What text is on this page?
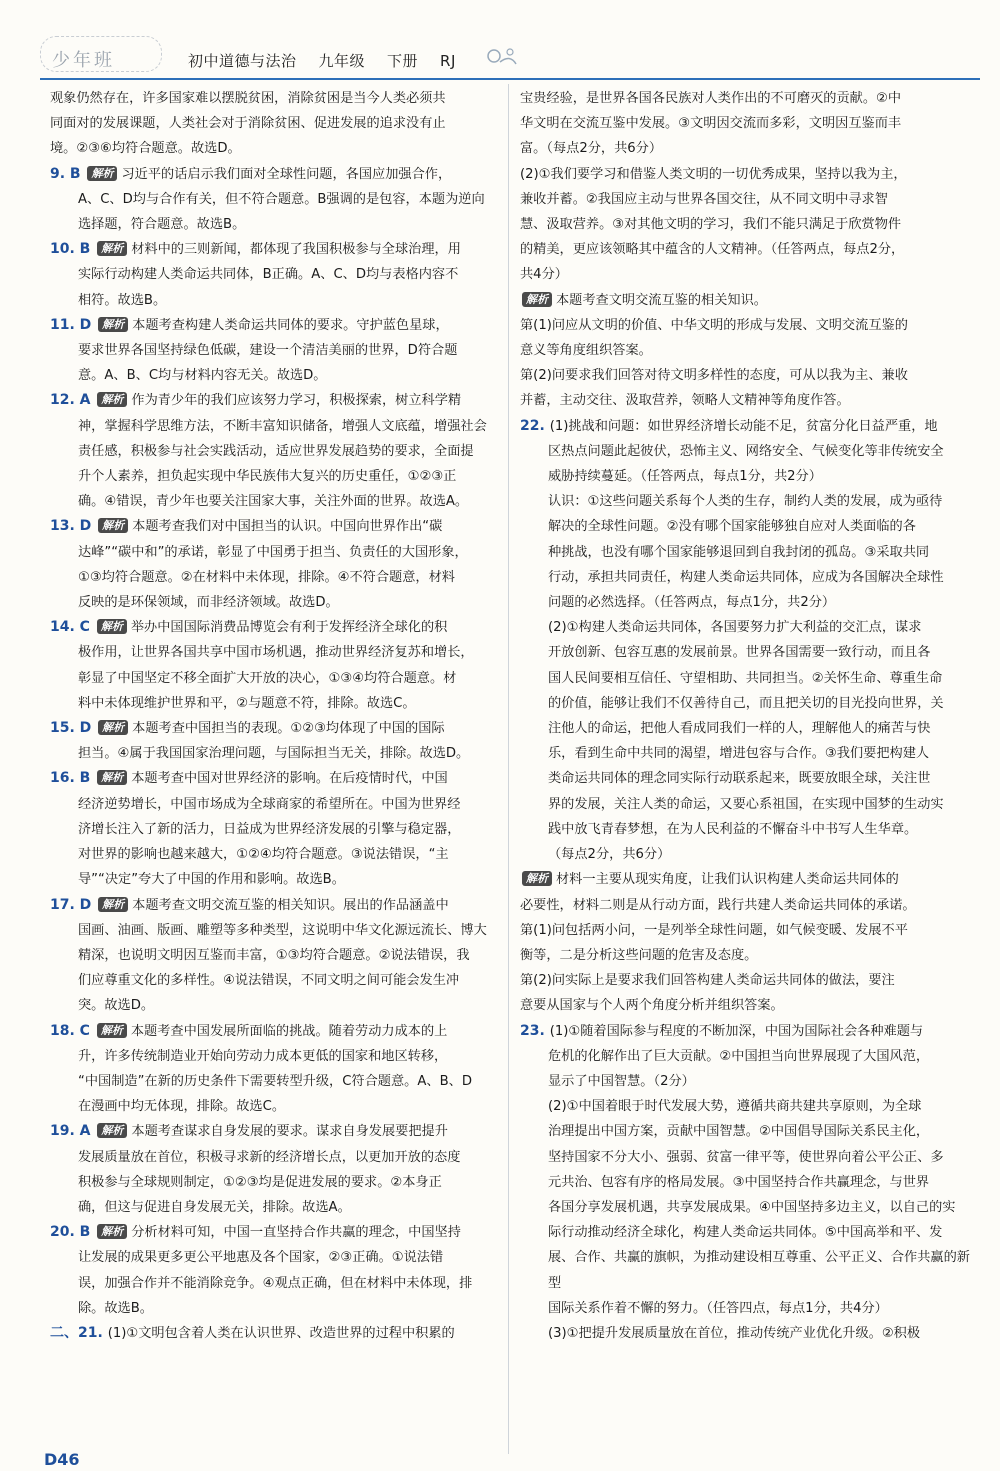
少年班	初中道德与法治 九年级 下册 RJ

观象仍然存在，许多国家难以摆脱贫困，消除贫困是当今人类必须共

同面对的发展课题，人类社会对于消除贫困、促进发展的追求没有止

境。②③⑥均符合题意。故选D。

9. B 解析 习近平的话启示我们面对全球性问题，各国应加强合作，

A、C、D均与合作有关，但不符合题意。B强调的是包容，本题为逆向

选择题，符合题意。故选B。

10. B 解析 材料中的三则新闻，都体现了我国积极参与全球治理，用

实际行动构建人类命运共同体，B正确。A、C、D均与表格内容不

相符。故选B。

11. D 解析 本题考查构建人类命运共同体的要求。守护蓝色星球，

要求世界各国坚持绿色低碳，建设一个清洁美丽的世界，D符合题

意。A、B、C均与材料内容无关。故选D。

12. A 解析 作为青少年的我们应该努力学习，积极探索，树立科学精

神，掌握科学思维方法，不断丰富知识储备，增强人文底蕴，增强社会

责任感，积极参与社会实践活动，适应世界发展趋势的要求，全面提

升个人素养，担负起实现中华民族伟大复兴的历史重任，①②③正

确。④错误，青少年也要关注国家大事，关注外面的世界。故选A。

13. D 解析 本题考查我们对中国担当的认识。中国向世界作出“碳

达峰”“碳中和”的承诺，彰显了中国勇于担当、负责任的大国形象，

①③均符合题意。②在材料中未体现，排除。④不符合题意，材料

反映的是环保领域，而非经济领域。故选D。

14. C 解析 举办中国国际消费品博览会有利于发挥经济全球化的积

极作用，让世界各国共享中国市场机遇，推动世界经济复苏和增长，

彰显了中国坚定不移全面扩大开放的决心，①③④均符合题意。材

料中未体现维护世界和平，②与题意不符，排除。故选C。

15. D 解析 本题考查中国担当的表现。①②③均体现了中国的国际

担当。④属于我国国家治理问题，与国际担当无关，排除。故选D。

16. B 解析 本题考查中国对世界经济的影响。在后疫情时代，中国

经济逆势增长，中国市场成为全球商家的希望所在。中国为世界经

济增长注入了新的活力，日益成为世界经济发展的引擎与稳定器，

对世界的影响也越来越大，①②④均符合题意。③说法错误，“主

导”“决定”夸大了中国的作用和影响。故选B。

17. D 解析 本题考查文明交流互鉴的相关知识。展出的作品涵盖中

国画、油画、版画、雕塑等多种类型，这说明中华文化源远流长、博大

精深，也说明文明因互鉴而丰富，①③均符合题意。②说法错误，我

们应尊重文化的多样性。④说法错误，不同文明之间可能会发生冲

突。故选D。

18. C 解析 本题考查中国发展所面临的挑战。随着劳动力成本的上

升，许多传统制造业开始向劳动力成本更低的国家和地区转移，

“中国制造”在新的历史条件下需要转型升级，C符合题意。A、B、D

在漫画中均无体现，排除。故选C。

19. A 解析 本题考查谋求自身发展的要求。谋求自身发展要把提升

发展质量放在首位，积极寻求新的经济增长点，以更加开放的态度

积极参与全球规则制定，①②③均是促进发展的要求。②本身正

确，但这与促进自身发展无关，排除。故选A。

20. B 解析 分析材料可知，中国一直坚持合作共赢的理念，中国坚持

让发展的成果更多更公平地惠及各个国家，②③正确。①说法错

误，加强合作并不能消除竞争。④观点正确，但在材料中未体现，排

除。故选B。

二、21. (1)①文明包含着人类在认识世界、改造世界的过程中积累的

宝贵经验，是世界各国各民族对人类作出的不可磨灭的贡献。②中

华文明在交流互鉴中发展。③文明因交流而多彩，文明因互鉴而丰

富。（每点2分，共6分）

(2)①我们要学习和借鉴人类文明的一切优秀成果，坚持以我为主，

兼收并蓄。②我国应主动与世界各国交往，从不同文明中寻求智

慧、汲取营养。③对其他文明的学习，我们不能只满足于欣赏物件

的精美，更应该领略其中蕴含的人文精神。（任答两点，每点2分，

共4分）

解析 本题考查文明交流互鉴的相关知识。

第(1)问应从文明的价值、中华文明的形成与发展、文明交流互鉴的

意义等角度组织答案。

第(2)问要求我们回答对待文明多样性的态度，可从以我为主、兼收

并蓄，主动交往、汲取营养，领略人文精神等角度作答。

22. (1)挑战和问题：如世界经济增长动能不足，贫富分化日益严重，地

区热点问题此起彼伏，恐怖主义、网络安全、气候变化等非传统安全

威胁持续蔓延。（任答两点，每点1分，共2分）

认识：①这些问题关系每个人类的生存，制约人类的发展，成为亟待

解决的全球性问题。②没有哪个国家能够独自应对人类面临的各

种挑战，也没有哪个国家能够退回到自我封闭的孤岛。③采取共同

行动，承担共同责任，构建人类命运共同体，应成为各国解决全球性

问题的必然选择。（任答两点，每点1分，共2分）

(2)①构建人类命运共同体，各国要努力扩大利益的交汇点，谋求

开放创新、包容互惠的发展前景。世界各国需要一致行动，而且各

国人民间要相互信任、守望相助、共同担当。②关怀生命、尊重生命

的价值，能够让我们不仅善待自己，而且把关切的目光投向世界，关

注他人的命运，把他人看成同我们一样的人，理解他人的痛苦与快

乐，看到生命中共同的渴望，增进包容与合作。③我们要把构建人

类命运共同体的理念同实际行动联系起来，既要放眼全球，关注世

界的发展，关注人类的命运，又要心系祖国，在实现中国梦的生动实

践中放飞青春梦想，在为人民利益的不懈奋斗中书写人生华章。

（每点2分，共6分）

解析 材料一主要从现实角度，让我们认识构建人类命运共同体的

必要性，材料二则是从行动方面，践行共建人类命运共同体的承诺。

第(1)问包括两小问，一是列举全球性问题，如气候变暖、发展不平

衡等，二是分析这些问题的危害及态度。

第(2)问实际上是要求我们回答构建人类命运共同体的做法，要注

意要从国家与个人两个角度分析并组织答案。

23. (1)①随着国际参与程度的不断加深，中国为国际社会各种难题与

危机的化解作出了巨大贡献。②中国担当向世界展现了大国风范，

显示了中国智慧。（2分）

(2)①中国着眼于时代发展大势，遵循共商共建共享原则，为全球

治理提出中国方案，贡献中国智慧。②中国倡导国际关系民主化，

坚持国家不分大小、强弱、贫富一律平等，使世界向着公平公正、多

元共治、包容有序的格局发展。③中国坚持合作共赢理念，与世界

各国分享发展机遇，共享发展成果。④中国坚持多边主义，以自己的实

际行动推动经济全球化，构建人类命运共同体。⑤中国高举和平、发

展、合作、共赢的旗帜，为推动建设相互尊重、公平正义、合作共赢的新型

国际关系作着不懈的努力。（任答四点，每点1分，共4分）

(3)①把提升发展质量放在首位，推动传统产业优化升级。②积极

D46
